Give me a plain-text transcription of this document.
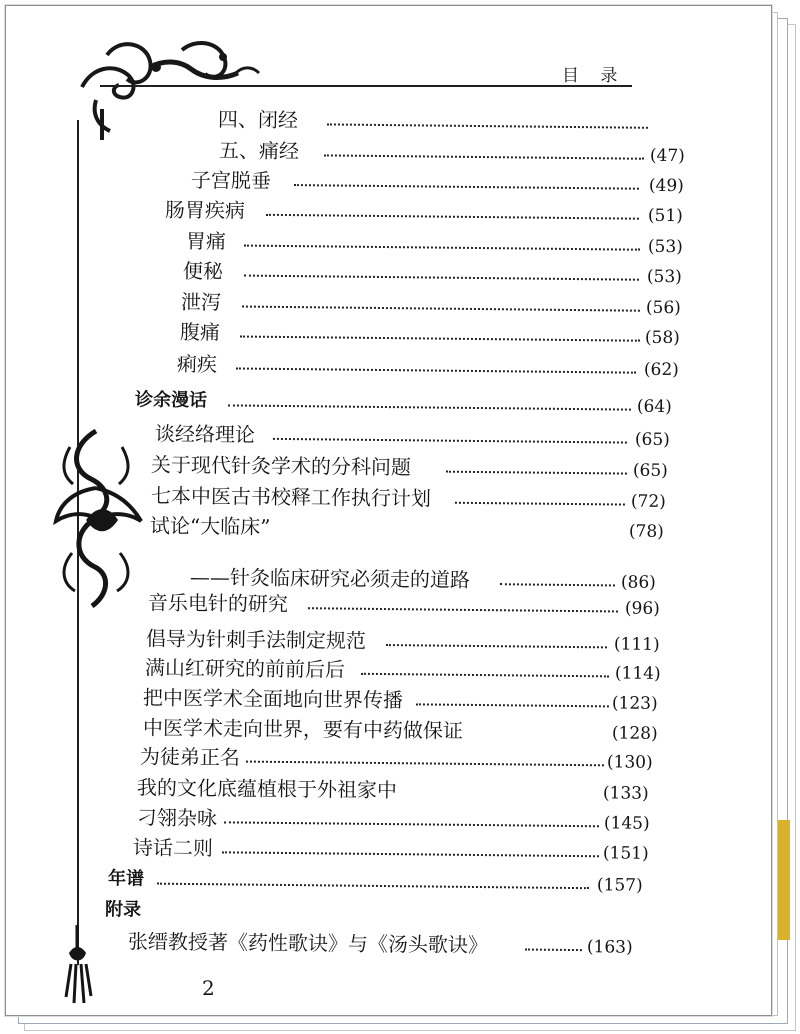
目 录
四、闭经
五、痛经	(47)
子宫脱垂	(49)
肠胃疾病	(51)
胃痛	(53)
便秘	(53)
泄泻	(56)
腹痛	(58)
痢疾	(62)
诊余漫话	(64)
谈经络理论	(65)
关于现代针灸学术的分科问题	(65)
七本中医古书校释工作执行计划	(72)
试论“大临床”	(78)
——针灸临床研究必须走的道路	(86)
音乐电针的研究	(96)
倡导为针刺手法制定规范	(111)
满山红研究的前前后后	(114)
把中医学术全面地向世界传播	(123)
中医学术走向世界，要有中药做保证	(128)
为徒弟正名	(130)
我的文化底蕴植根于外祖家中	(133)
刁翎杂咏	(145)
诗话二则	(151)
年谱	(157)
附录
张缙教授著《药性歌诀》与《汤头歌诀》	(163)
2
